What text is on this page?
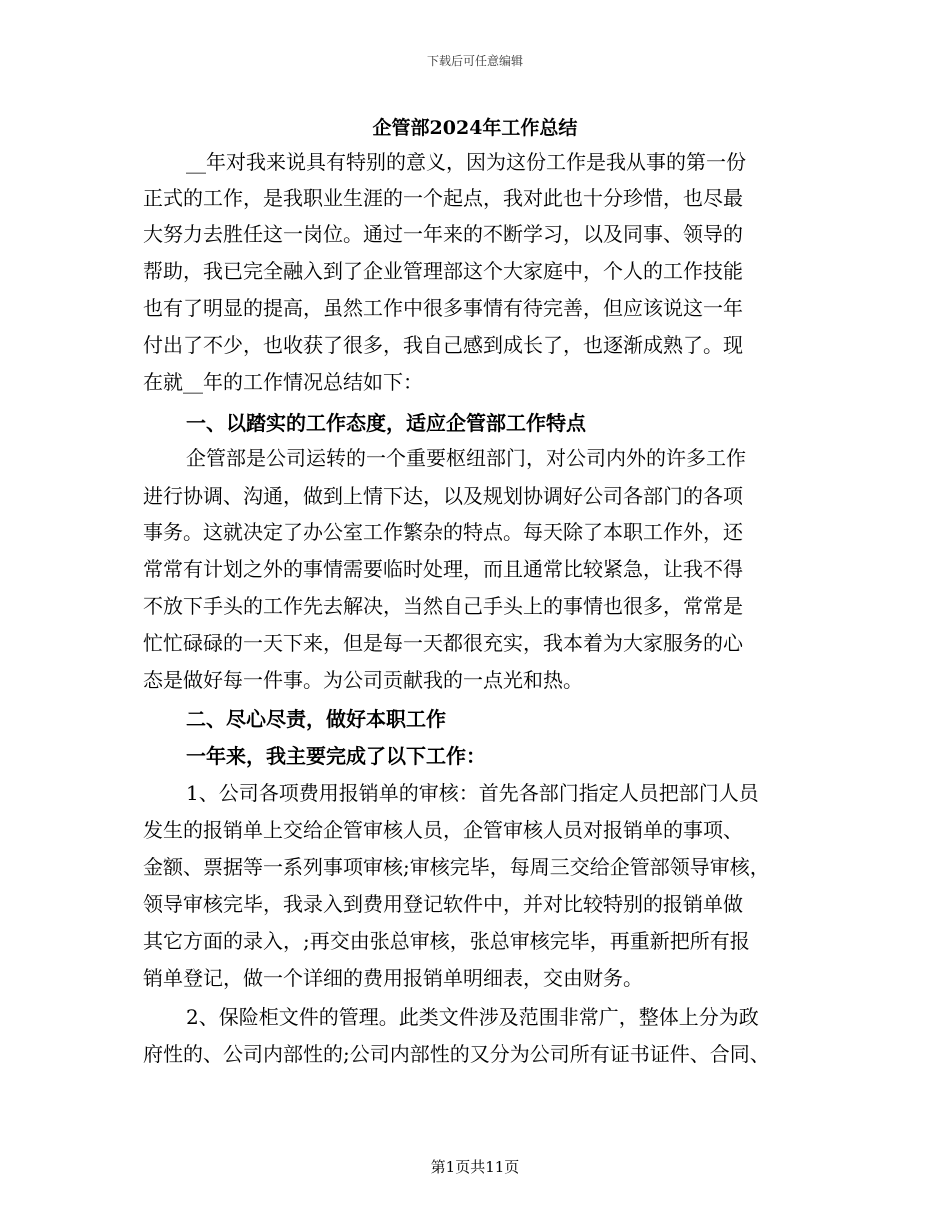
下载后可任意编辑
企管部2024年工作总结

__年对我来说具有特别的意义，因为这份工作是我从事的第一份

正式的工作，是我职业生涯的一个起点，我对此也十分珍惜，也尽最

大努力去胜任这一岗位。通过一年来的不断学习，以及同事、领导的

帮助，我已完全融入到了企业管理部这个大家庭中，个人的工作技能

也有了明显的提高，虽然工作中很多事情有待完善，但应该说这一年

付出了不少，也收获了很多，我自己感到成长了，也逐渐成熟了。现

在就__年的工作情况总结如下：

一、以踏实的工作态度，适应企管部工作特点

企管部是公司运转的一个重要枢纽部门，对公司内外的许多工作

进行协调、沟通，做到上情下达，以及规划协调好公司各部门的各项

事务。这就决定了办公室工作繁杂的特点。每天除了本职工作外，还

常常有计划之外的事情需要临时处理，而且通常比较紧急，让我不得

不放下手头的工作先去解决，当然自己手头上的事情也很多，常常是

忙忙碌碌的一天下来，但是每一天都很充实，我本着为大家服务的心

态是做好每一件事。为公司贡献我的一点光和热。

二、尽心尽责，做好本职工作

一年来，我主要完成了以下工作：

1、公司各项费用报销单的审核：首先各部门指定人员把部门人员

发生的报销单上交给企管审核人员，企管审核人员对报销单的事项、

金额、票据等一系列事项审核;审核完毕，每周三交给企管部领导审核，

领导审核完毕，我录入到费用登记软件中，并对比较特别的报销单做

其它方面的录入，;再交由张总审核，张总审核完毕，再重新把所有报

销单登记，做一个详细的费用报销单明细表，交由财务。

2、保险柜文件的管理。此类文件涉及范围非常广，整体上分为政

府性的、公司内部性的;公司内部性的又分为公司所有证书证件、合同、

第1页共11页
